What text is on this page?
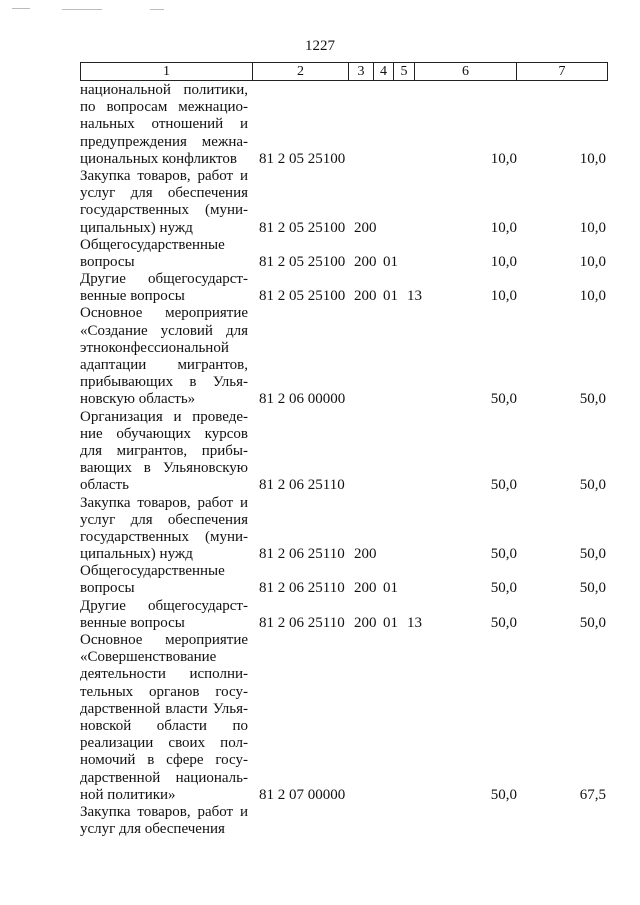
1227
1	2	3	4 5	6	7
национальной политики,
по вопросам межнацио-
нальных отношений и
предупреждения межна-
циональных конфликтов	81 2 05 25100	10,0	10,0
Закупка товаров, работ и
услуг для обеспечения
государственных (муни-
ципальных) нужд	81 2 05 25100 200	10,0	10,0
Общегосударственные
вопросы	81 2 05 25100 200 01	10,0	10,0
Другие общегосударст-
венные вопросы	81 2 05 25100 200 01 13	10,0	10,0
Основное мероприятие
«Создание условий для
этноконфессиональной
адаптации мигрантов,
прибывающих в Улья-
новскую область»	81 2 06 00000	50,0	50,0
Организация и проведе-
ние обучающих курсов
для мигрантов, прибы-
вающих в Ульяновскую
область	81 2 06 25110	50,0	50,0
Закупка товаров, работ и
услуг для обеспечения
государственных (муни-
ципальных) нужд	81 2 06 25110 200	50,0	50,0
Общегосударственные
вопросы	81 2 06 25110 200 01	50,0	50,0
Другие общегосударст-
венные вопросы	81 2 06 25110 200 01 13	50,0	50,0
Основное мероприятие
«Совершенствование
деятельности исполни-
тельных органов госу-
дарственной власти Улья-
новской области по
реализации своих пол-
номочий в сфере госу-
дарственной националь-
ной политики»	81 2 07 00000	50,0	67,5
Закупка товаров, работ и
услуг для обеспечения
